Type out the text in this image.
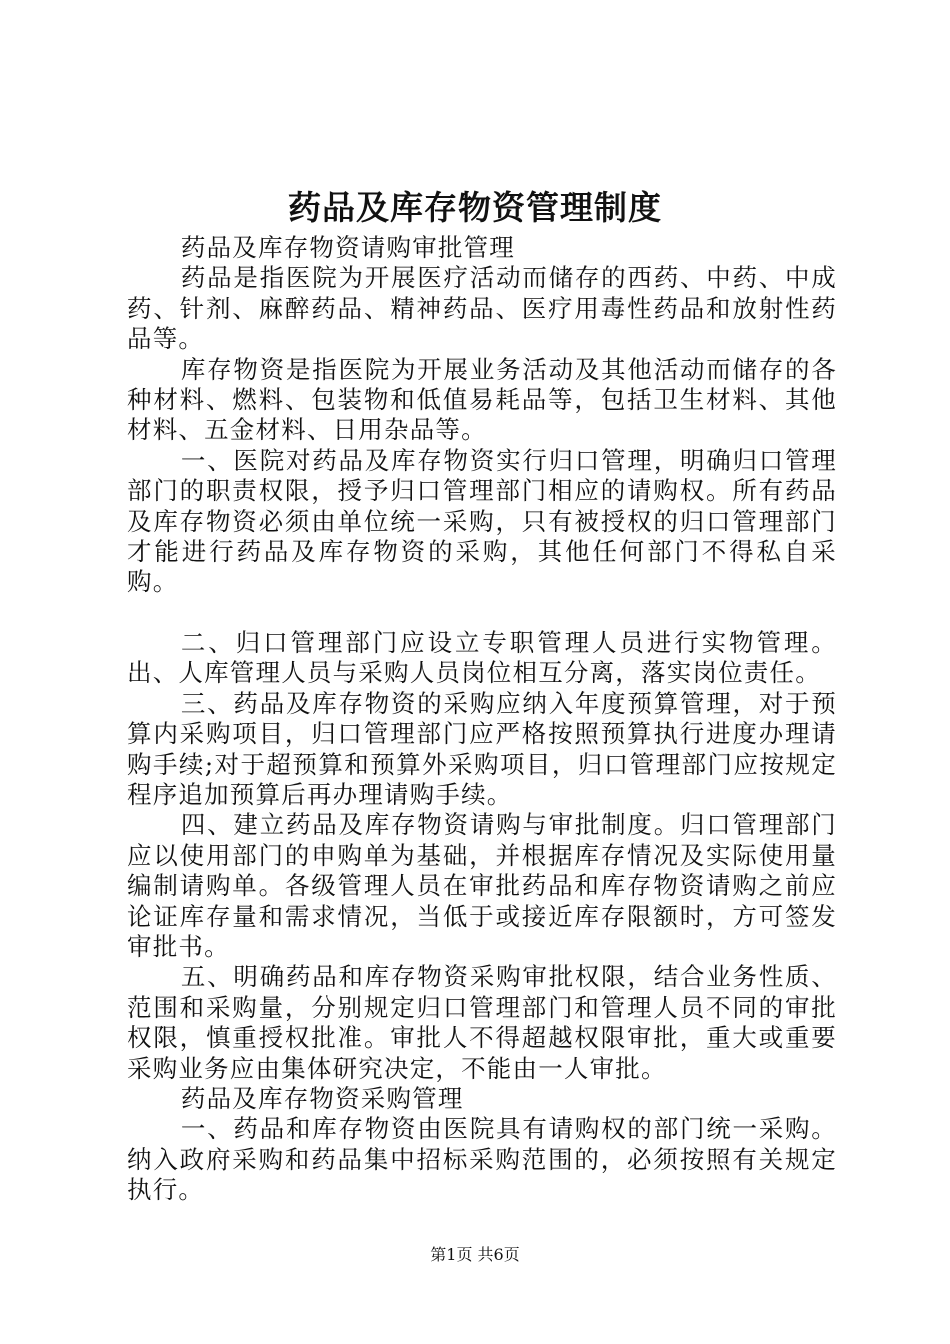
药品及库存物资管理制度

药品及库存物资请购审批管理

药品是指医院为开展医疗活动而储存的西药、中药、中成药、针剂、麻醉药品、精神药品、医疗用毒性药品和放射性药品等。

库存物资是指医院为开展业务活动及其他活动而储存的各种材料、燃料、包装物和低值易耗品等，包括卫生材料、其他材料、五金材料、日用杂品等。

一、医院对药品及库存物资实行归口管理，明确归口管理部门的职责权限，授予归口管理部门相应的请购权。所有药品及库存物资必须由单位统一采购，只有被授权的归口管理部门才能进行药品及库存物资的采购，其他任何部门不得私自采购。

二、归口管理部门应设立专职管理人员进行实物管理。出、人库管理人员与采购人员岗位相互分离，落实岗位责任。

三、药品及库存物资的采购应纳入年度预算管理，对于预算内采购项目，归口管理部门应严格按照预算执行进度办理请购手续;对于超预算和预算外采购项目，归口管理部门应按规定程序追加预算后再办理请购手续。

四、建立药品及库存物资请购与审批制度。归口管理部门应以使用部门的申购单为基础，并根据库存情况及实际使用量编制请购单。各级管理人员在审批药品和库存物资请购之前应论证库存量和需求情况，当低于或接近库存限额时，方可签发审批书。

五、明确药品和库存物资采购审批权限，结合业务性质、范围和采购量，分别规定归口管理部门和管理人员不同的审批权限，慎重授权批准。审批人不得超越权限审批，重大或重要采购业务应由集体研究决定，不能由一人审批。

药品及库存物资采购管理

一、药品和库存物资由医院具有请购权的部门统一采购。纳入政府采购和药品集中招标采购范围的，必须按照有关规定执行。

第1页 共6页
